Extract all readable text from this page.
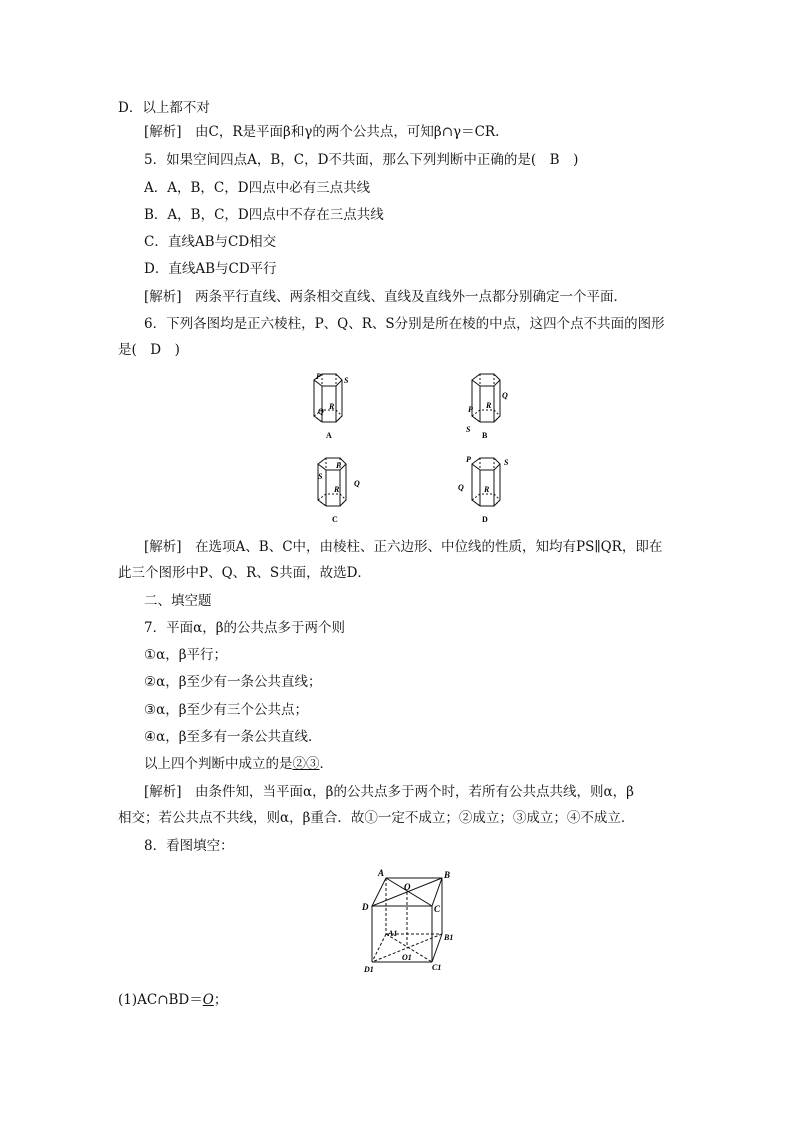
D．以上都不对
[解析]　由C，R是平面β和γ的两个公共点，可知β∩γ＝CR.
5．如果空间四点A，B，C，D不共面，那么下列判断中正确的是(　B　)
A．A，B，C，D四点中必有三点共线
B．A，B，C，D四点中不存在三点共线
C．直线AB与CD相交
D．直线AB与CD平行
[解析]　两条平行直线、两条相交直线、直线及直线外一点都分别确定一个平面．
6．下列各图均是正六棱柱，P、Q、R、S分别是所在棱的中点，这四个点不共面的图形
是(　D　)
P	S
Q
R
A
Q
R
P
S
B
P
S
R
Q
C
P	S
Q	R
D
[解析]　在选项A、B、C中，由棱柱、正六边形、中位线的性质，知均有PS∥QR，即在
此三个图形中P、Q、R、S共面，故选D．
二、填空题
7．平面α，β的公共点多于两个则
①α，β平行；
②α，β至少有一条公共直线；
③α，β至少有三个公共点；
④α，β至多有一条公共直线．
以上四个判断中成立的是②③．
[解析]　由条件知，当平面α，β的公共点多于两个时，若所有公共点共线，则α，β
相交；若公共点不共线，则α，β重合．故①一定不成立；②成立；③成立；④不成立．
8．看图填空：
A	B
O
D	C
A1	B1
O1
D1	C1
(1)AC∩BD＝O；
